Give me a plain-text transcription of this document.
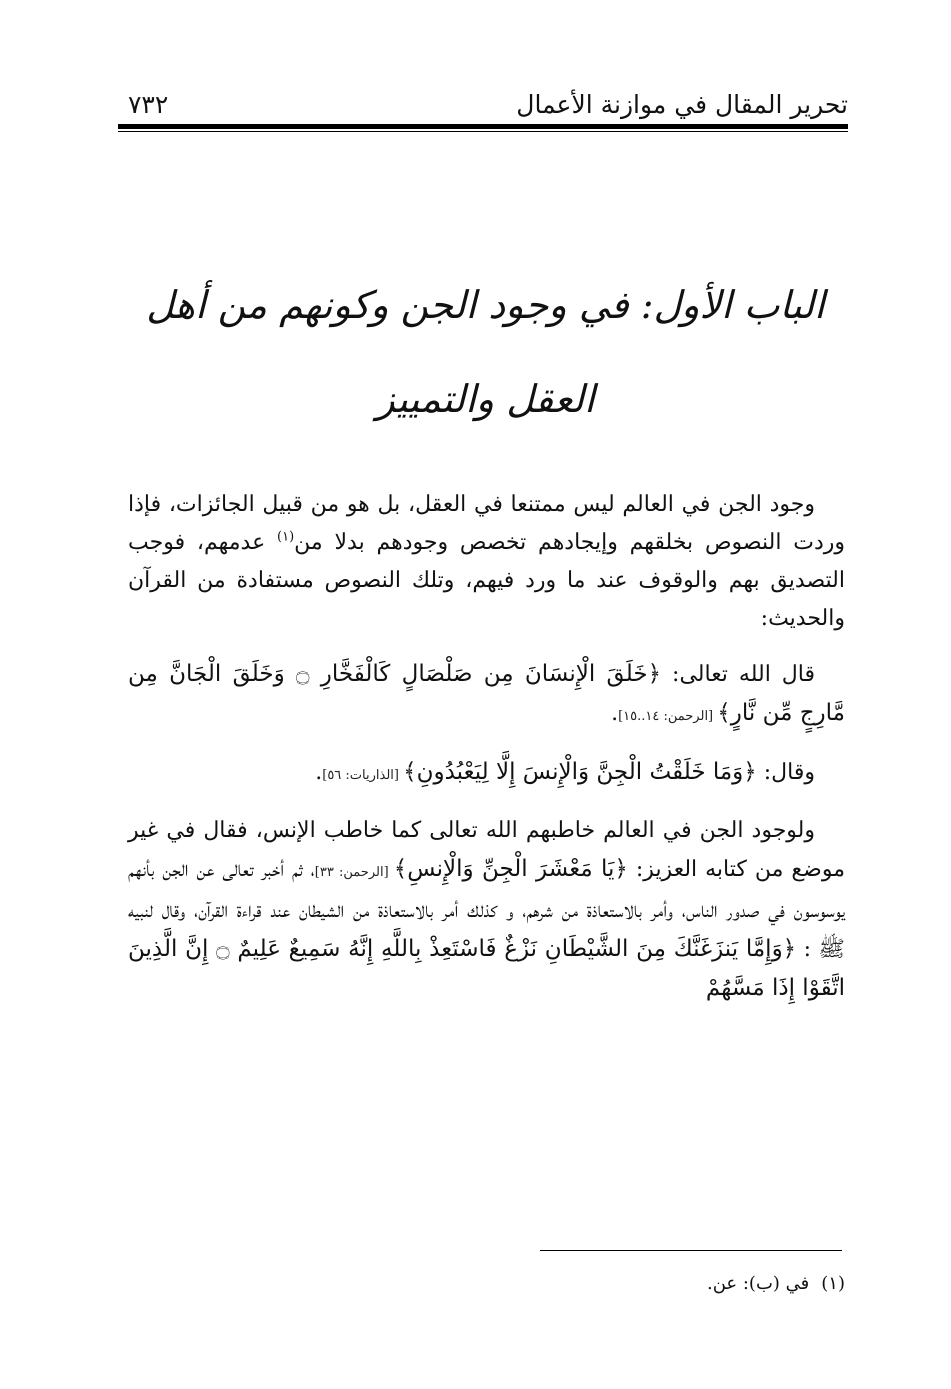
تحرير المقال في موازنة الأعمال
٧٣٢
الباب الأول: في وجود الجن وكونهم من أهل العقل والتمييز

وجود الجن في العالم ليس ممتنعا في العقل، بل هو من قبيل الجائزات، فإذا وردت النصوص بخلقهم وإيجادهم تخصص وجودهم بدلا من$^{(١)}$ عدمهم، فوجب التصديق بهم والوقوف عند ما ورد فيهم، وتلك النصوص مستفادة من القرآن والحديث:

قال الله تعالى: ﴿خَلَقَ الْإِنسَانَ مِن صَلْصَالٍ كَالْفَخَّارِ ۝ وَخَلَقَ الْجَانَّ مِن مَّارِجٍ مِّن نَّارٍ﴾ [الرحمن: ١٤..١٥].

وقال: ﴿وَمَا خَلَقْتُ الْجِنَّ وَالْإِنسَ إِلَّا لِيَعْبُدُونِ﴾ [الذاريات: ٥٦].

ولوجود الجن في العالم خاطبهم الله تعالى كما خاطب الإنس، فقال في غير موضع من كتابه العزيز: ﴿يَا مَعْشَرَ الْجِنِّ وَالْإِنسِ﴾ [الرحمن: ٣٣]، ثم أخبر تعالى عن الجن بأنهم يوسوسون في صدور الناس، وأمر بالاستعاذة من شرهم، و كذلك أمر بالاستعاذة من الشيطان عند قراءة القرآن، وقال لنبيه ﷺ : ﴿وَإِمَّا يَنزَغَنَّكَ مِنَ الشَّيْطَانِ نَزْغٌ فَاسْتَعِذْ بِاللَّهِ إِنَّهُ سَمِيعٌ عَلِيمٌ ۝ إِنَّ الَّذِينَ اتَّقَوْا إِذَا مَسَّهُمْ

(١)في (ب): عن.
